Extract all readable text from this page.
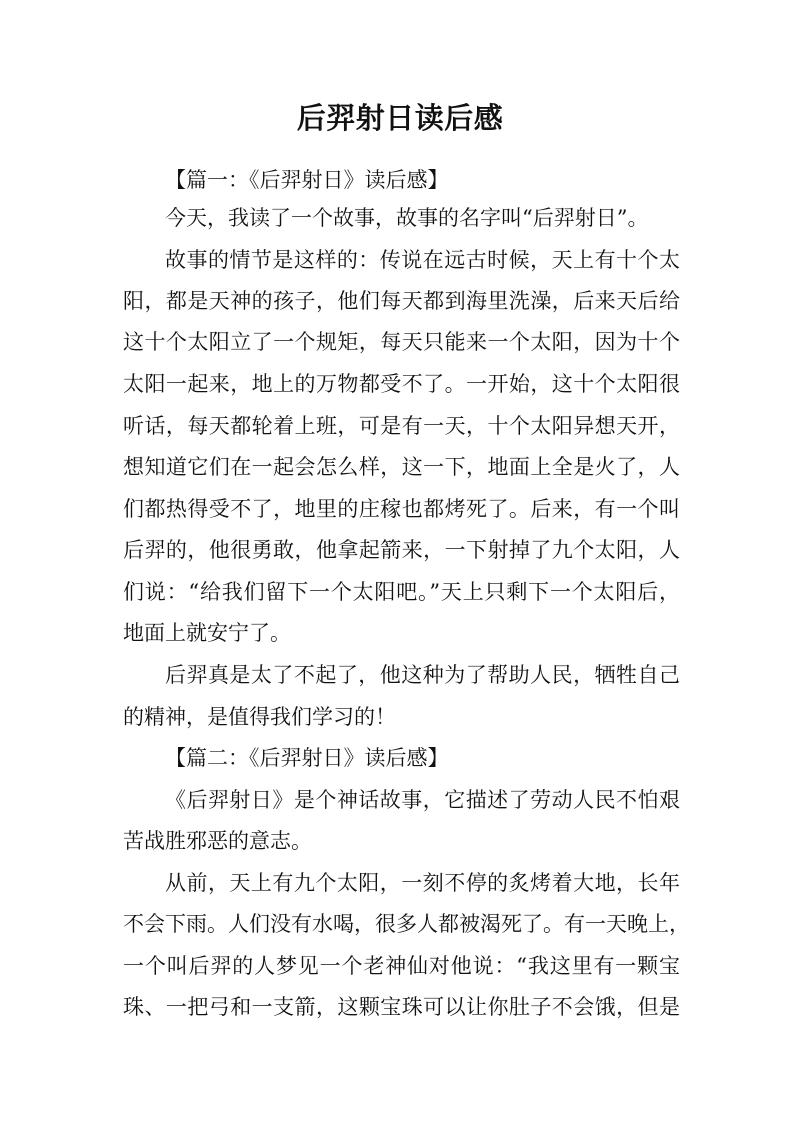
后羿射日读后感
【篇一：《后羿射日》读后感】
今天，我读了一个故事，故事的名字叫“后羿射日”。
故事的情节是这样的：传说在远古时候，天上有十个太
阳，都是天神的孩子，他们每天都到海里洗澡，后来天后给
这十个太阳立了一个规矩，每天只能来一个太阳，因为十个
太阳一起来，地上的万物都受不了。一开始，这十个太阳很
听话，每天都轮着上班，可是有一天，十个太阳异想天开，
想知道它们在一起会怎么样，这一下，地面上全是火了，人
们都热得受不了，地里的庄稼也都烤死了。后来，有一个叫
后羿的，他很勇敢，他拿起箭来，一下射掉了九个太阳，人
们说：“给我们留下一个太阳吧。”天上只剩下一个太阳后，
地面上就安宁了。
后羿真是太了不起了，他这种为了帮助人民，牺牲自己
的精神，是值得我们学习的！
【篇二：《后羿射日》读后感】
《后羿射日》是个神话故事，它描述了劳动人民不怕艰
苦战胜邪恶的意志。
从前，天上有九个太阳，一刻不停的炙烤着大地，长年
不会下雨。人们没有水喝，很多人都被渴死了。有一天晚上，
一个叫后羿的人梦见一个老神仙对他说：“我这里有一颗宝
珠、一把弓和一支箭，这颗宝珠可以让你肚子不会饿，但是
